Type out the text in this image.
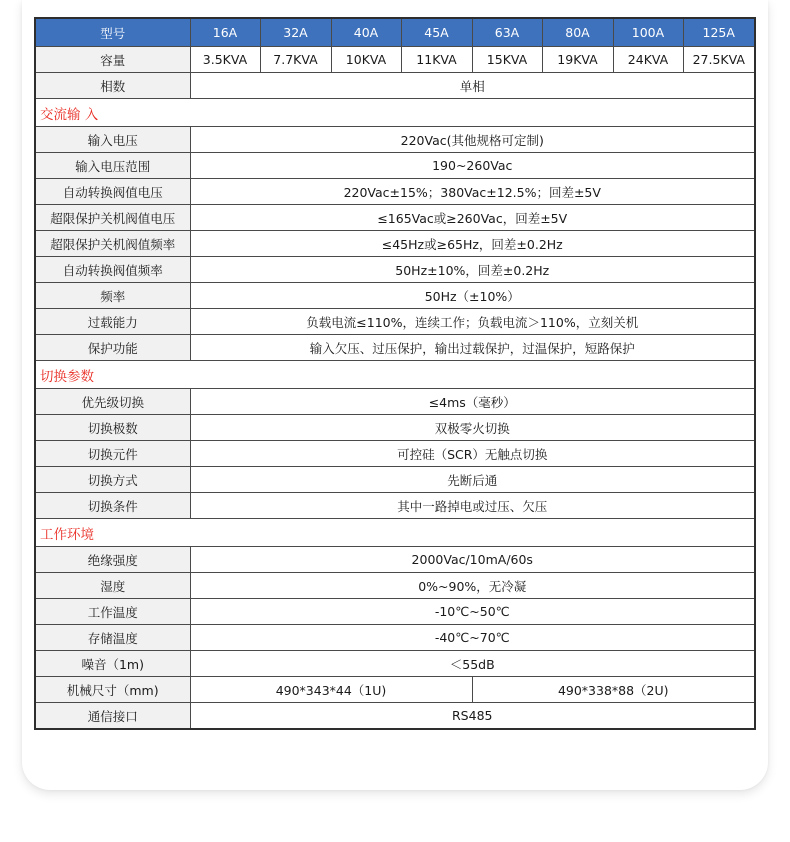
型号	16A	32A	40A	45A	63A	80A	100A	125A
容量	3.5KVA	7.7KVA	10KVA	11KVA	15KVA	19KVA	24KVA	27.5KVA
相数	单相							
交流输 入								
输入电压	220Vac(其他规格可定制)							
输入电压范围	190~260Vac							
自动转换阀值电压	220Vac±15%；380Vac±12.5%；回差±5V							
超限保护关机阀值电压	≤165Vac或≥260Vac，回差±5V							
超限保护关机阀值频率	≤45Hz或≥65Hz，回差±0.2Hz							
自动转换阀值频率	50Hz±10%，回差±0.2Hz							
频率	50Hz（±10%）							
过载能力	负载电流≤110%，连续工作；负载电流＞110%，立刻关机							
保护功能	输入欠压、过压保护，输出过载保护，过温保护，短路保护							
切换参数								
优先级切换	≤4ms（毫秒）							
切换极数	双极零火切换							
切换元件	可控硅（SCR）无触点切换							
切换方式	先断后通							
切换条件	其中一路掉电或过压、欠压							
工作环境								
绝缘强度	2000Vac/10mA/60s							
湿度	0%~90%，无冷凝							
工作温度	-10℃~50℃							
存储温度	-40℃~70℃							
噪音（1m)	＜55dB							
机械尺寸（mm)	490*343*44（1U)				490*338*88（2U)			
通信接口	RS485							
